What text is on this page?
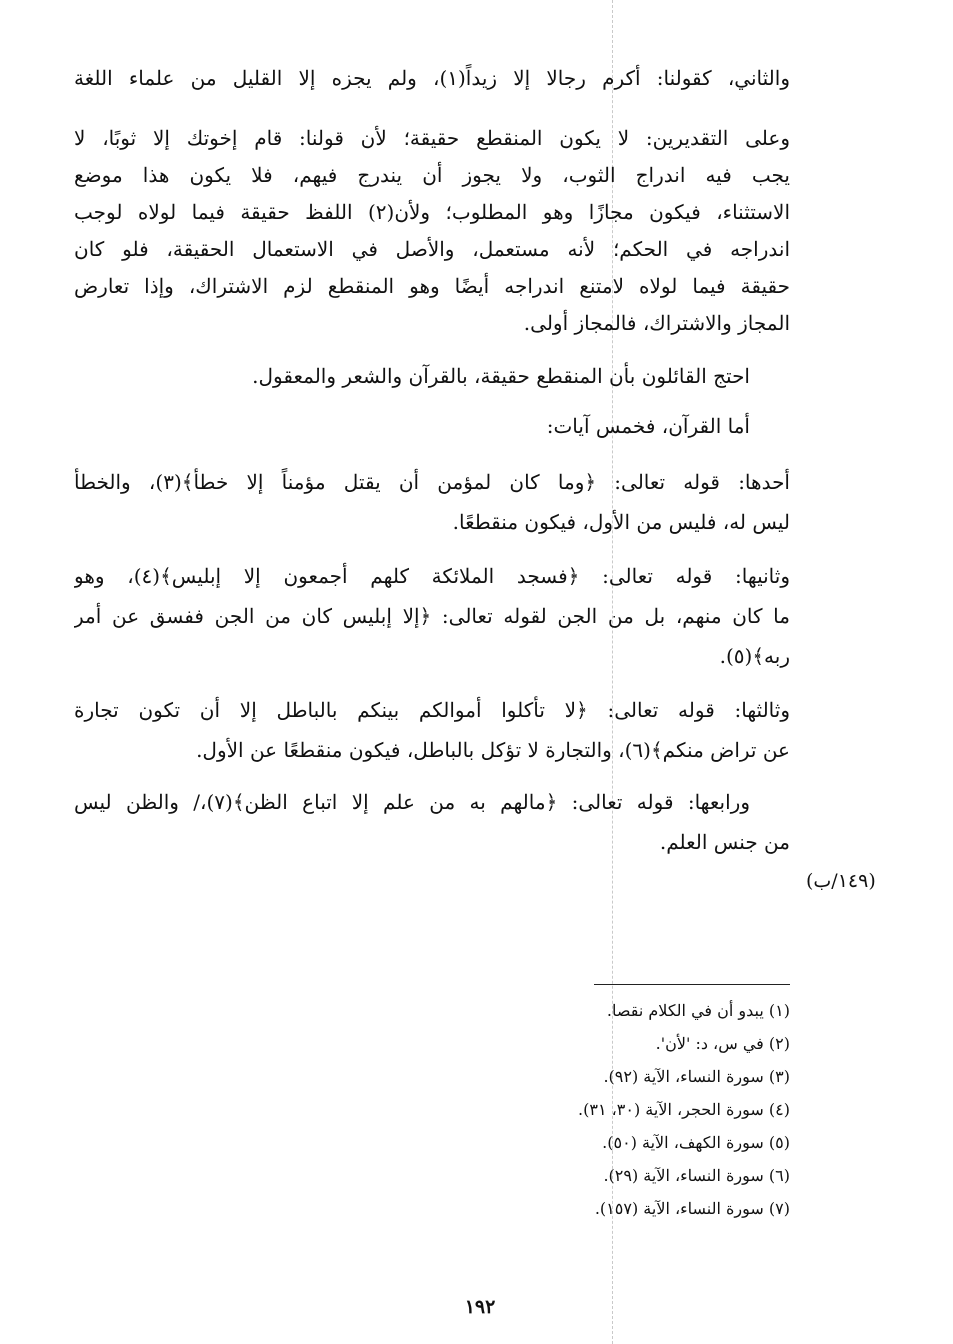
والثاني، كقولنا: أكرم رجالا إلا زيداً(١)، ولم يجزه إلا القليل من علماء اللغة
وعلى التقديرين: لا يكون المنقطع حقيقة؛ لأن قولنا: قام إخوتك إلا ثوبًا، لا
يجب فيه اندراج الثوب، ولا يجوز أن يندرج فيهم، فلا يكون هذا موضع
الاستثناء، فيكون مجازًا وهو المطلوب؛ ولأن(٢) اللفظ حقيقة فيما لولاه لوجب
اندراجه في الحكم؛ لأنه مستعمل، والأصل في الاستعمال الحقيقة، فلو كان
حقيقة فيما لولاه لامتنع اندراجه أيضًا وهو المنقطع لزم الاشتراك، وإذا تعارض
المجاز والاشتراك، فالمجاز أولى.
احتج القائلون بأن المنقطع حقيقة، بالقرآن والشعر والمعقول.
أما القرآن، فخمس آيات:
أحدها: قوله تعالى: ﴿وما كان لمؤمن أن يقتل مؤمناً إلا خطأ﴾(٣)، والخطأ
ليس له، فليس من الأول، فيكون منقطعًا.
وثانيها: قوله تعالى: ﴿فسجد الملائكة كلهم أجمعون إلا إبليس﴾(٤)، وهو
ما كان منهم، بل من الجن لقوله تعالى: ﴿إلا إبليس كان من الجن ففسق عن أمر
ربه﴾(٥).
وثالثها: قوله تعالى: ﴿لا تأكلوا أموالكم بينكم بالباطل إلا أن تكون تجارة
عن تراض منكم﴾(٦)، والتجارة لا تؤكل بالباطل، فيكون منقطعًا عن الأول.
ورابعها: قوله تعالى: ﴿مالهم به من علم إلا اتباع الظن﴾(٧)،/ والظن ليس
من جنس العلم.
(١٤٩/ب)
(١) يبدو أن في الكلام نقصا.
(٢) في س، د: 'لأن'.
(٣) سورة النساء، الآية (٩٢).
(٤) سورة الحجر، الآية (٣٠، ٣١).
(٥) سورة الكهف، الآية (٥٠).
(٦) سورة النساء، الآية (٢٩).
(٧) سورة النساء، الآية (١٥٧).
١٩٢
